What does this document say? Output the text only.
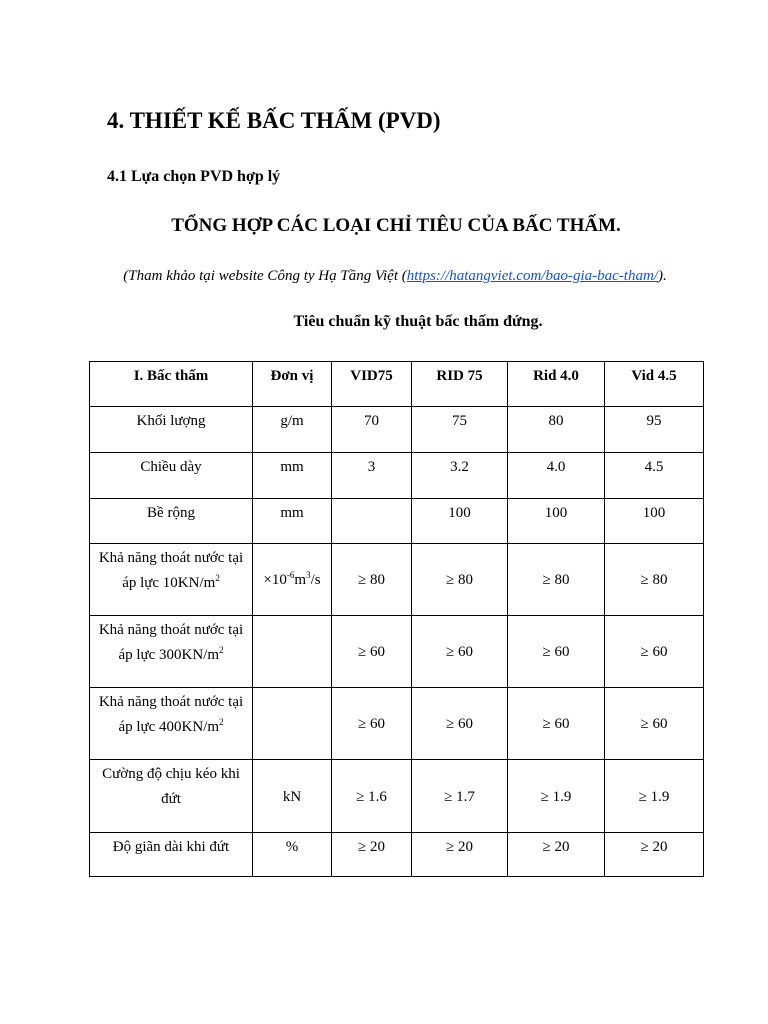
4. THIẾT KẾ BẤC THẤM (PVD)
4.1 Lựa chọn PVD hợp lý

TỔNG HỢP CÁC LOẠI CHỈ TIÊU CỦA BẤC THẤM.

(Tham khảo tại website Công ty Hạ Tầng Việt (https://hatangviet.com/bao-gia-bac-tham/).

Tiêu chuẩn kỹ thuật bấc thấm đứng.

I. Bấc thấm	Đơn vị	VID75	RID 75	Rid 4.0	Vid 4.5
Khối lượng	g/m	70	75	80	95
Chiều dày	mm	3	3.2	4.0	4.5
Bề rộng	mm		100	100	100
Khả năng thoát nước tại áp lực $10KN/m^2$	$\times 10^{-6}m^3/s$	≥ 80	≥ 80	≥ 80	≥ 80
Khả năng thoát nước tại áp lực $300KN/m^2$		≥ 60	≥ 60	≥ 60	≥ 60
Khả năng thoát nước tại áp lực $400KN/m^2$		≥ 60	≥ 60	≥ 60	≥ 60
Cường độ chịu kéo khi đứt	kN	≥ 1.6	≥ 1.7	≥ 1.9	≥ 1.9
Độ giãn dài khi đứt	%	≥ 20	≥ 20	≥ 20	≥ 20
